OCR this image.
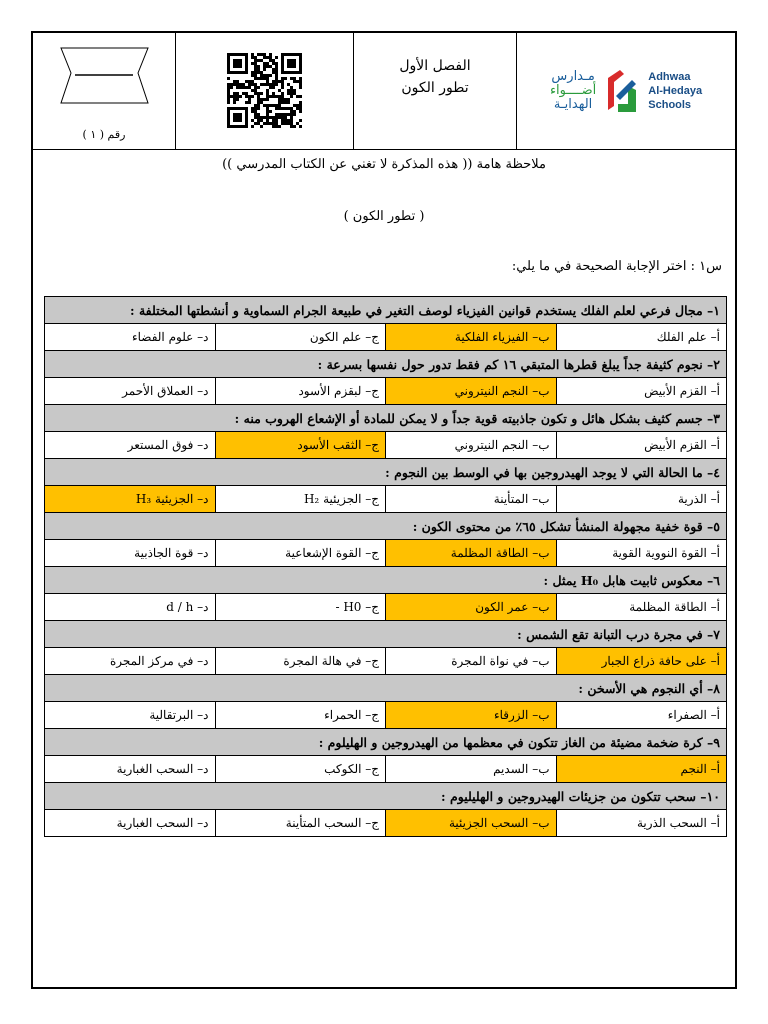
رقم ( ١ )
الفصل الأول
تطور الكون
مـدارس
أضــــواء
الهدايـة
Adhwaa
Al-Hedaya
Schools
ملاحظة هامة (( هذه المذكرة لا تغني عن الكتاب المدرسي ))
( تطور الكون )
س١ : اختر الإجابة الصحيحة في ما يلي:
١– مجال فرعي لعلم الفلك يستخدم قوانين الفيزياء لوصف التغير في طبيعة الجرام السماوية و أنشطتها المختلفة :			
أ– علم الفلك	ب– الفيزياء الفلكية	ج– علم الكون	د– علوم الفضاء
٢– نجوم كثيفة جداً يبلغ قطرها المتبقي ١٦ كم فقط تدور حول نفسها بسرعة :			
أ– القزم الأبيض	ب– النجم النيتروني	ج– لبقزم الأسود	د– العملاق الأحمر
٣– جسم كثيف بشكل هائل و تكون جاذبيته قوية جداً و لا يمكن للمادة أو الإشعاع الهروب منه :			
أ– القزم الأبيض	ب– النجم النيتروني	ج– الثقب الأسود	د– فوق المستعر
٤– ما الحالة التي لا يوجد الهيدروجين بها في الوسط بين النجوم :			
أ– الذرية	ب– المتأينة	ج– الجزيئية H₂	د– الجزيئية H₃
٥– قوة خفية مجهولة المنشأ تشكل ٦٥٪ من محتوى الكون :			
أ– القوة النووية القوية	ب– الطاقة المظلمة	ج– القوة الإشعاعية	د– قوة الجاذبية
٦– معكوس ثابيت هابل H₀ يمثل :			
أ– الطاقة المظلمة	ب– عمر الكون	ج– H0 -	د– d / h
٧– في مجرة درب التبانة تقع الشمس :			
أ– على حافة ذراع الجبار	ب– في نواة المجرة	ج– في هالة المجرة	د– في مركز المجرة
٨– أي النجوم هي الأسخن :			
أ– الصفراء	ب– الزرقاء	ج– الحمراء	د– البرتقالية
٩– كرة ضخمة مضيئة من الغاز تتكون في معظمها من الهيدروجين و الهليلوم :			
أ– النجم	ب– السديم	ج– الكوكب	د– السحب الغبارية
١٠– سحب تتكون من جزيئات الهيدروجين و الهليليوم :			
أ– السحب الذرية	ب– السحب الجزيئية	ج– السحب المتأينة	د– السحب الغبارية
